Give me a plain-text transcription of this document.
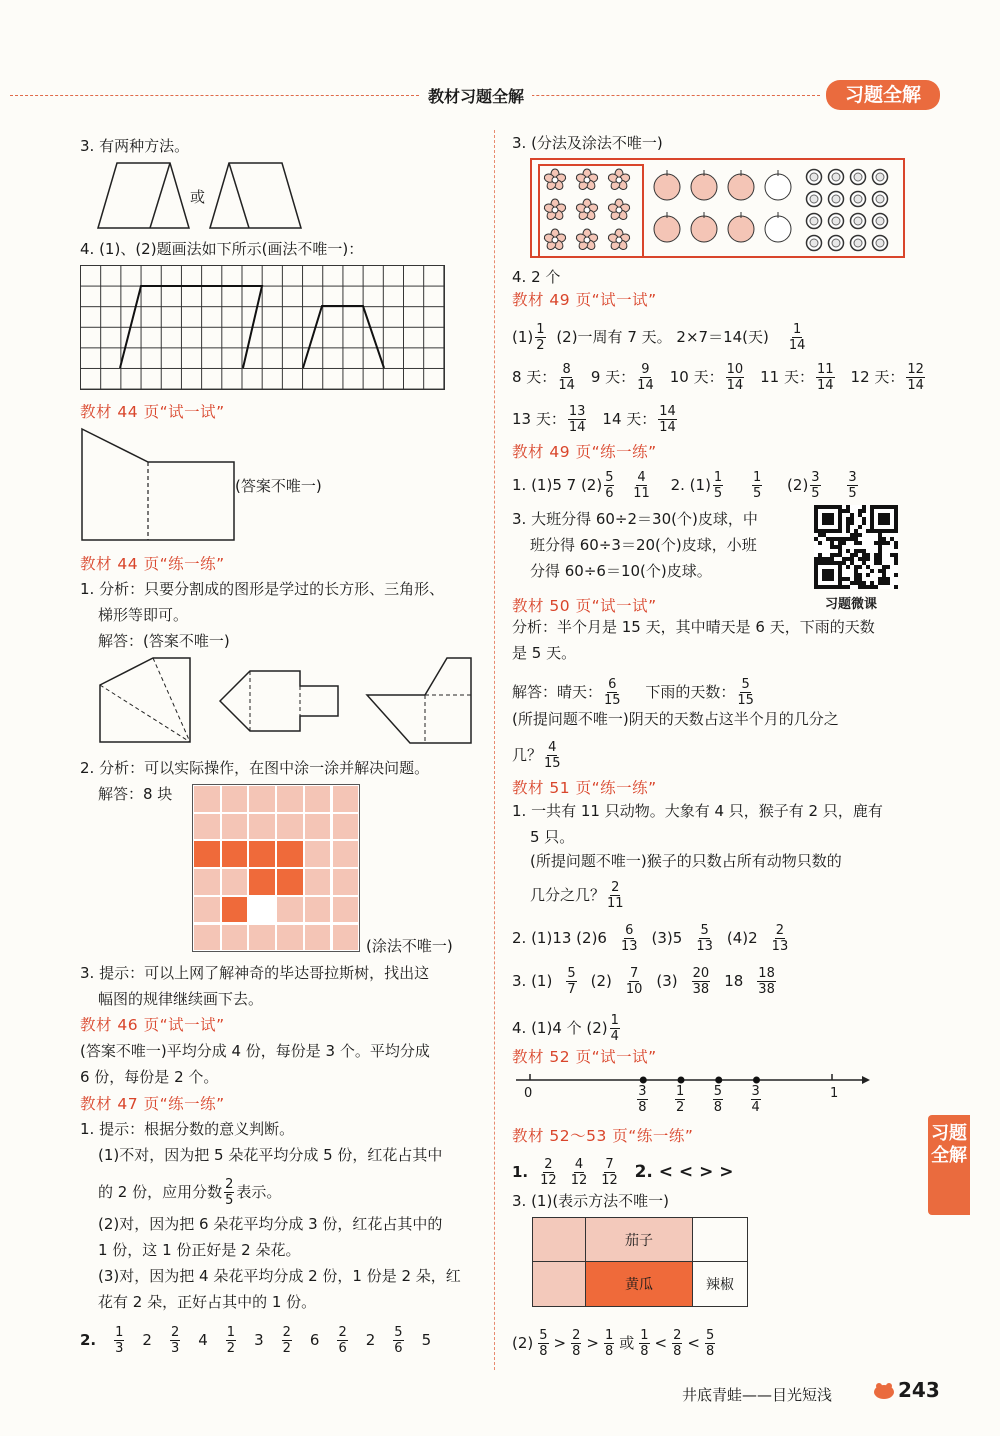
教材习题全解	习题全解
3. 有两种方法。
或
4. (1)、(2)题画法如下所示(画法不唯一)：
教材 44 页“试一试”
(答案不唯一)
教材 44 页“练一练”
1. 分析：只要分割成的图形是学过的长方形、三角形、
梯形等即可。
解答：(答案不唯一)
2. 分析：可以实际操作，在图中涂一涂并解决问题。
解答：8 块
(涂法不唯一)
3. 提示：可以上网了解神奇的毕达哥拉斯树，找出这
幅图的规律继续画下去。
教材 46 页“试一试”
(答案不唯一)平均分成 4 份，每份是 3 个。平均分成
6 份，每份是 2 个。
教材 47 页“练一练”
1. 提示：根据分数的意义判断。
(1)不对，因为把 5 朵花平均分成 5 份，红花占其中
的 2 份，应用分数 $\frac{2}{5}$ 表示。
(2)对，因为把 6 朵花平均分成 3 份，红花占其中的
1 份，这 1 份正好是 2 朵花。
(3)对，因为把 4 朵花平均分成 2 份，1 份是 2 朵，红
花有 2 朵，正好占其中的 1 份。
2. $\frac{1}{3} 2 \frac{2}{3} 4 \frac{1}{2} 3 \frac{2}{2} 6 \frac{2}{6} 2 \frac{5}{6} 5$
3. (分法及涂法不唯一)
4. 2 个
教材 49 页“试一试”
$(1) \frac{1}{2} (2)$一周有 7 天。 2×7＝14(天) $\frac{1}{14}$
8 天： $\frac{8}{14} 9$ 天： $\frac{9}{14} 10$ 天： $\frac{10}{14} 11$ 天： $\frac{11}{14} 12$ 天： $\frac{12}{14}$
13 天： $\frac{13}{14} 14$ 天： $\frac{14}{14}$
教材 49 页“练一练”
1. (1)5 7 $(2) \frac{5}{6}$
$\frac{4}{11} 2$. $(1) \frac{1}{5}$
$\frac{1}{5} (2) \frac{3}{5}$
$\frac{3}{5}$
3. 大班分得 60÷2＝30(个)皮球，中
班分得 60÷3＝20(个)皮球，小班
分得 60÷6＝10(个)皮球。
习题微课
教材 50 页“试一试”
分析：半个月是 15 天，其中晴天是 6 天，下雨的天数
是 5 天。
解答：晴天： $\frac{6}{15}$ 下雨的天数： $\frac{5}{15}$
(所提问题不唯一)阴天的天数占这半个月的几分之
几？ $\frac{4}{15}$
教材 51 页“练一练”
1. 一共有 11 只动物。大象有 4 只，猴子有 2 只，鹿有
5 只。
(所提问题不唯一)猴子的只数占所有动物只数的
几分之几？ $\frac{2}{11}$
2. (1)13 $(2)6 \frac{6}{13} (3)5 \frac{5}{13} (4)2 \frac{2}{13}$
3. $(1) \frac{5}{7} (2) \frac{7}{10} (3) \frac{20}{38} 18 \frac{18}{38}$
4. (1)4 个 $(2) \frac{1}{4}$
教材 52 页“试一试”
0	1
$\frac{3}{8} \frac{1}{2} \frac{5}{8} \frac{3}{4}$
教材 52～53 页“练一练”
1. $\frac{2}{12} \frac{4}{12} \frac{7}{12} 2$. < < > >
3. (1)(表示方法不唯一)
茄子
黄瓜	辣椒
$(2) \frac{5}{8} > \frac{2}{8} > \frac{1}{8}$ 或 $\frac{1}{8} < \frac{2}{8} < \frac{5}{8}$
习题全解
井底青蛙——目光短浅	243
